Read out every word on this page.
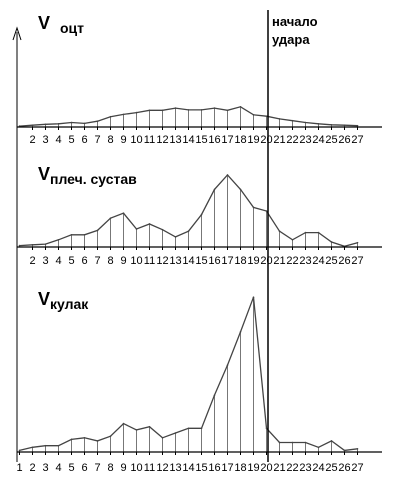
2 3 4 5 6 7 8 9 10 11 12 13 14 15 16 17 18 19 20 21 22 23 24 25 26 27
V оцт
2 3 4 5 6 7 8 9 10 11 12 13 14 15 16 17 18 19 20 21 22 23 24 25 26 27
V плеч. сустав
1 2 3 4 5 6 7 8 9 10 11 12 13 14 15 16 17 18 19 20 21 22 23 24 25 26 27
V кулак
начало
удара
